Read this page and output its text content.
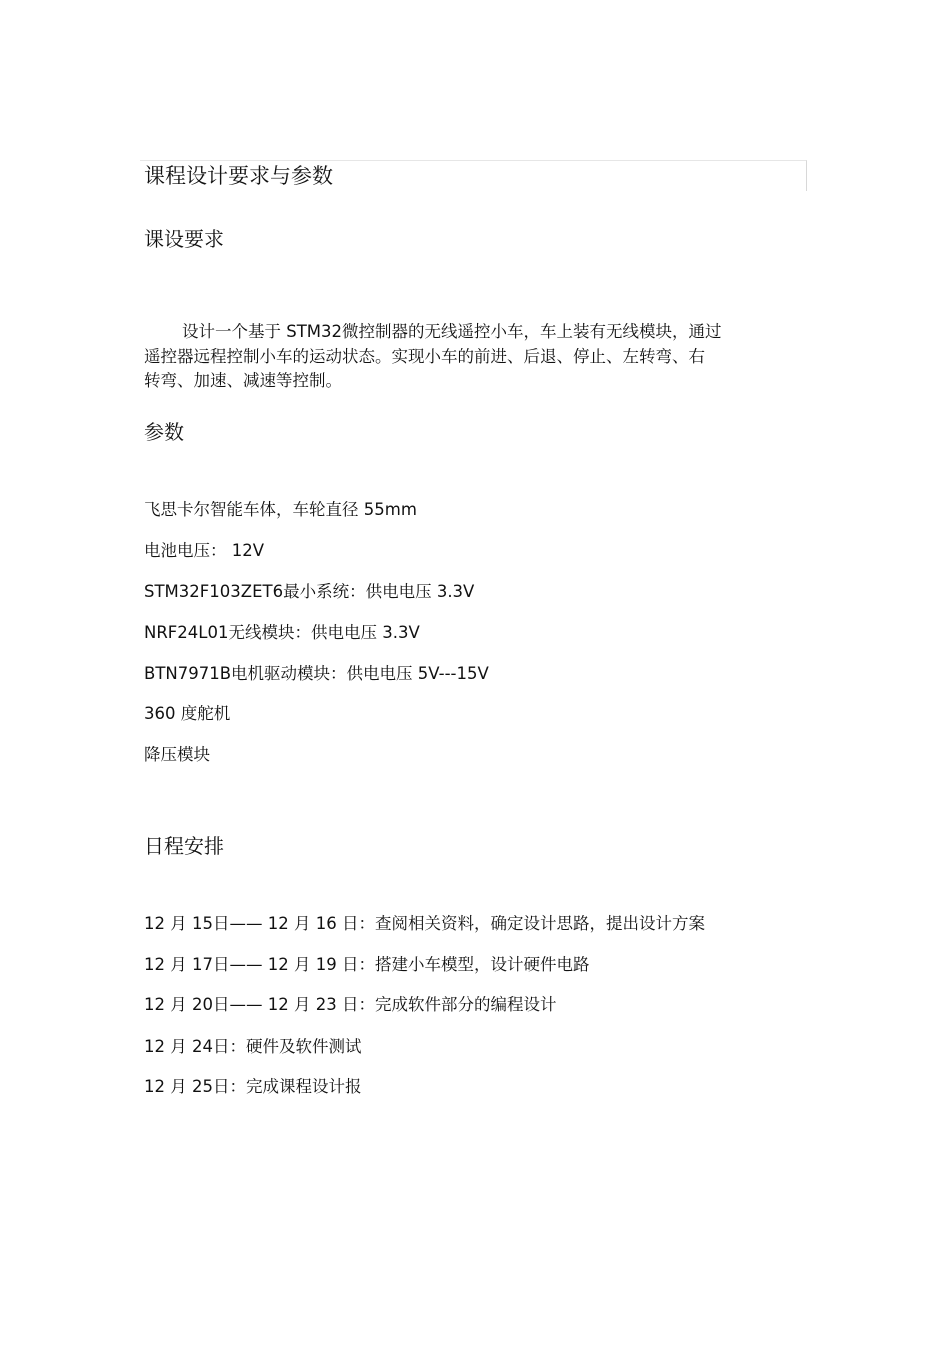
课程设计要求与参数
课设要求
设计一个基于 STM32微控制器的无线遥控小车，车上装有无线模块，通过
遥控器远程控制小车的运动状态。实现小车的前进、后退、停止、左转弯、右
转弯、加速、减速等控制。
参数
飞思卡尔智能车体，车轮直径 55mm
电池电压： 12V
STM32F103ZET6最小系统：供电电压 3.3V
NRF24L01无线模块：供电电压 3.3V
BTN7971B电机驱动模块：供电电压 5V---15V
360 度舵机
降压模块
日程安排
12 月 15日—— 12 月 16 日：查阅相关资料，确定设计思路，提出设计方案
12 月 17日—— 12 月 19 日：搭建小车模型，设计硬件电路
12 月 20日—— 12 月 23 日：完成软件部分的编程设计
12 月 24日：硬件及软件测试
12 月 25日：完成课程设计报
